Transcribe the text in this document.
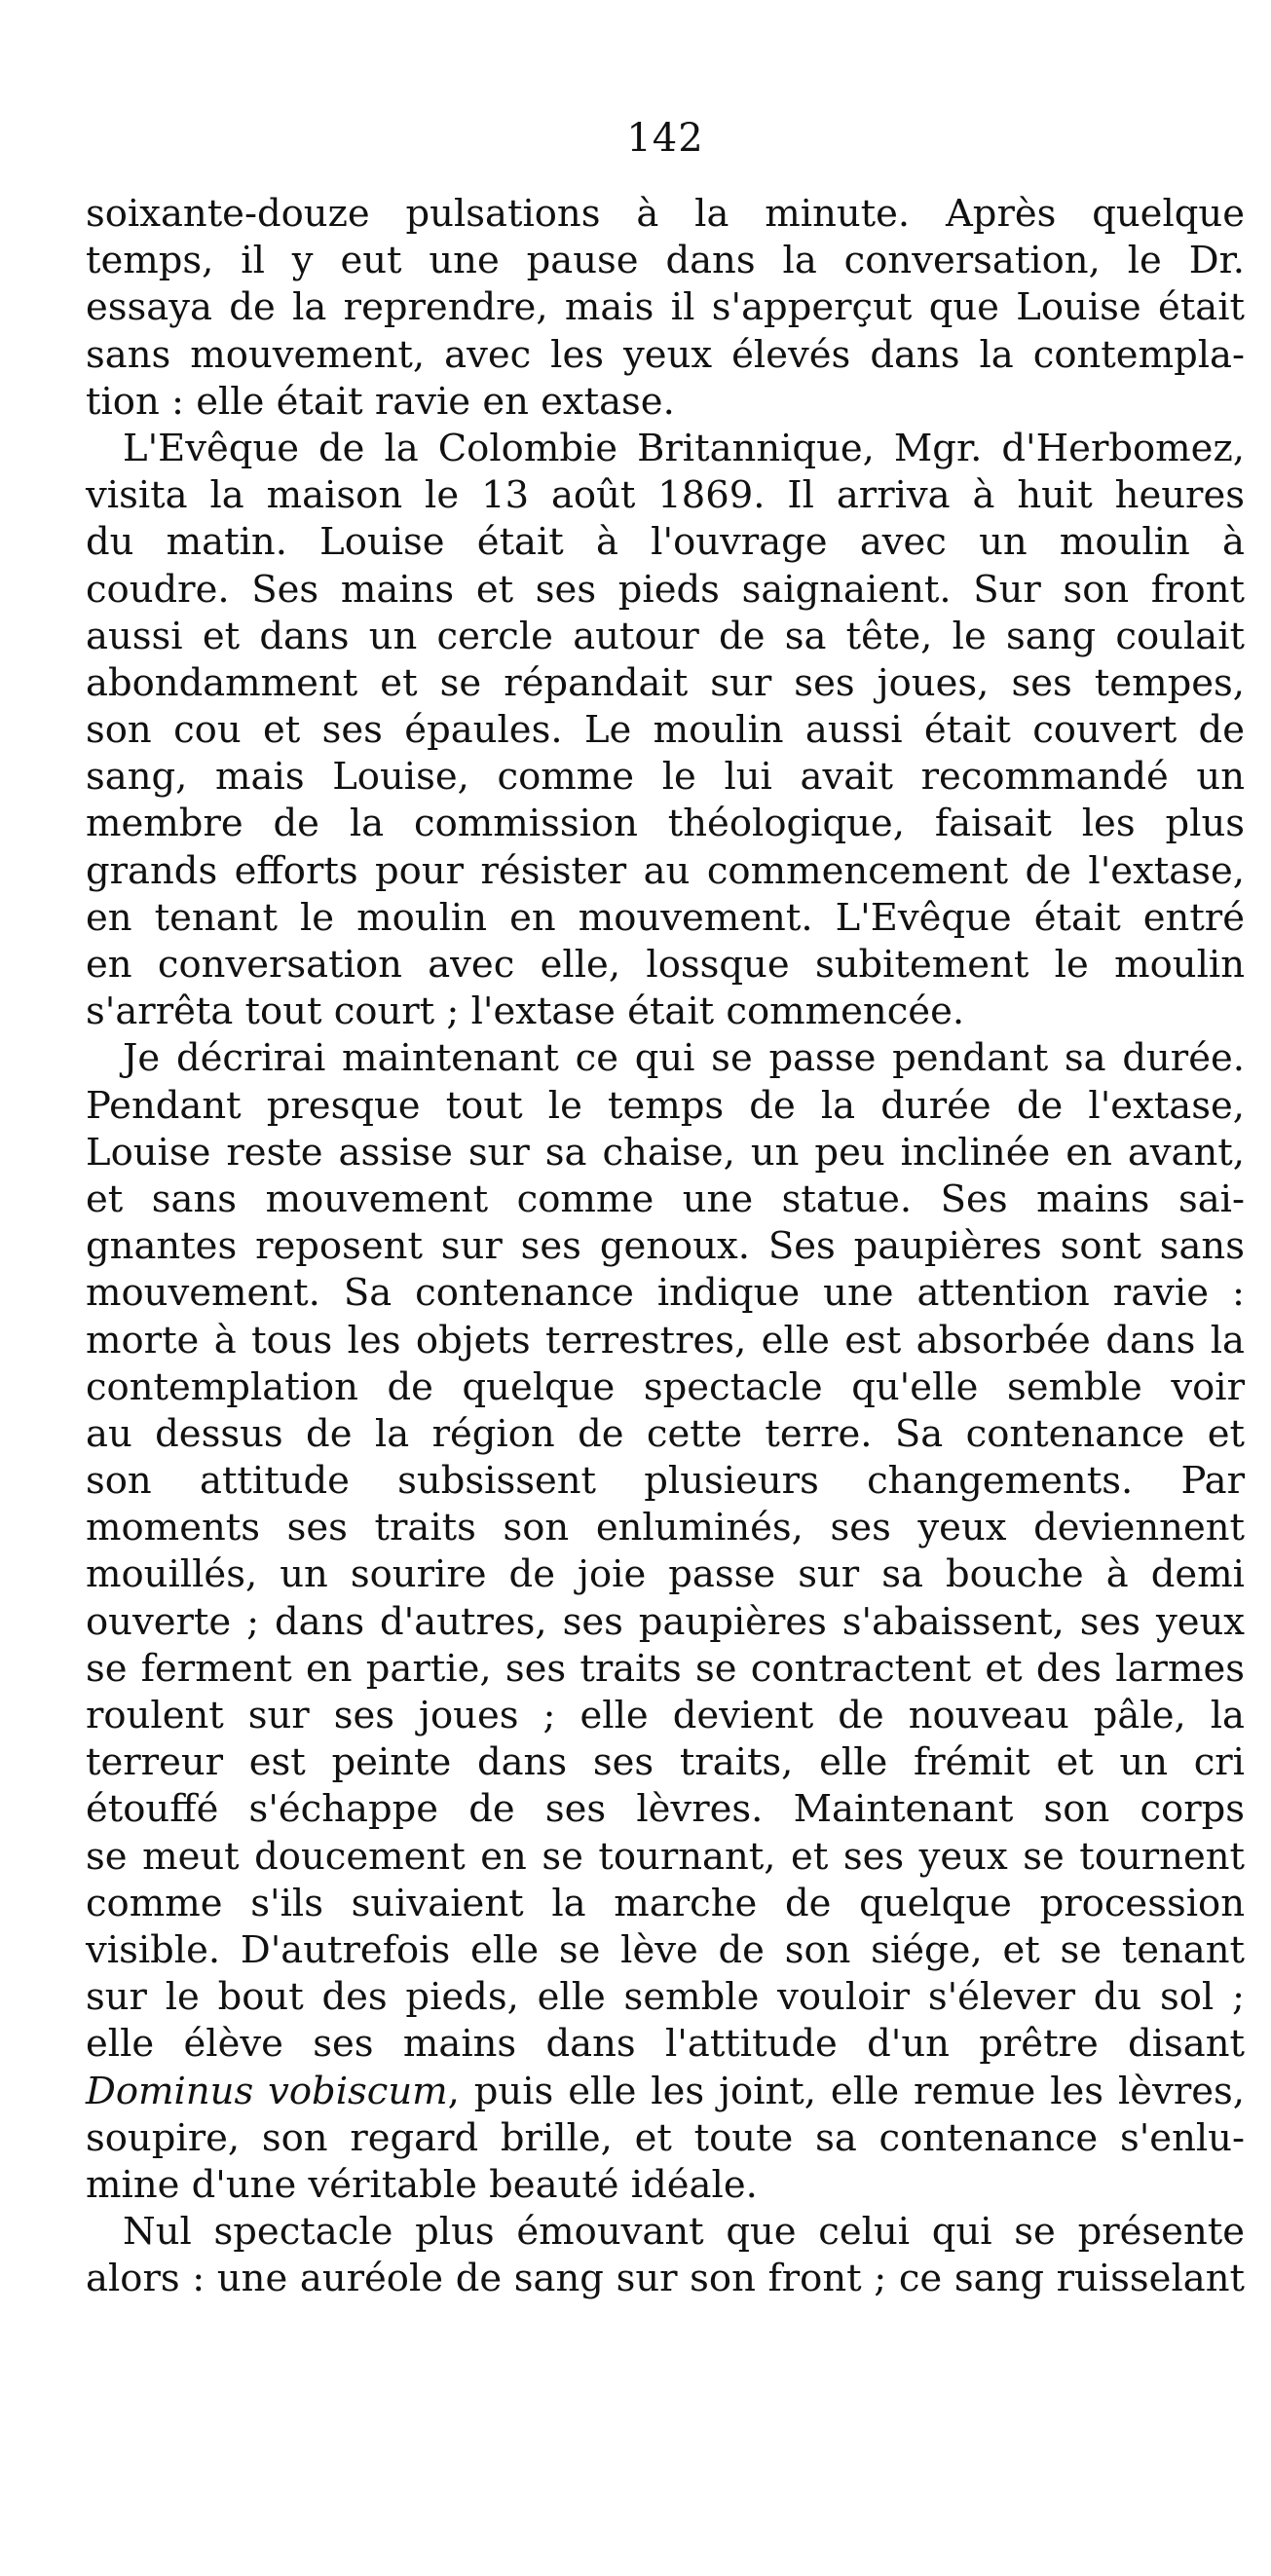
142
soixante-douze pulsations à la minute. Après quelque
temps, il y eut une pause dans la conversation, le Dr.
essaya de la reprendre, mais il s'apperçut que Louise était
sans mouvement, avec les yeux élevés dans la contempla-
tion : elle était ravie en extase.
L'Evêque de la Colombie Britannique, Mgr. d'Herbomez,
visita la maison le 13 août 1869. Il arriva à huit heures
du matin. Louise était à l'ouvrage avec un moulin à
coudre. Ses mains et ses pieds saignaient. Sur son front
aussi et dans un cercle autour de sa tête, le sang coulait
abondamment et se répandait sur ses joues, ses tempes,
son cou et ses épaules. Le moulin aussi était couvert de
sang, mais Louise, comme le lui avait recommandé un
membre de la commission théologique, faisait les plus
grands efforts pour résister au commencement de l'extase,
en tenant le moulin en mouvement. L'Evêque était entré
en conversation avec elle, lossque subitement le moulin
s'arrêta tout court ; l'extase était commencée.
Je décrirai maintenant ce qui se passe pendant sa durée.
Pendant presque tout le temps de la durée de l'extase,
Louise reste assise sur sa chaise, un peu inclinée en avant,
et sans mouvement comme une statue. Ses mains sai-
gnantes reposent sur ses genoux. Ses paupières sont sans
mouvement. Sa contenance indique une attention ravie :
morte à tous les objets terrestres, elle est absorbée dans la
contemplation de quelque spectacle qu'elle semble voir
au dessus de la région de cette terre. Sa contenance et
son attitude subsissent plusieurs changements. Par
moments ses traits son enluminés, ses yeux deviennent
mouillés, un sourire de joie passe sur sa bouche à demi
ouverte ; dans d'autres, ses paupières s'abaissent, ses yeux
se ferment en partie, ses traits se contractent et des larmes
roulent sur ses joues ; elle devient de nouveau pâle, la
terreur est peinte dans ses traits, elle frémit et un cri
étouffé s'échappe de ses lèvres. Maintenant son corps
se meut doucement en se tournant, et ses yeux se tournent
comme s'ils suivaient la marche de quelque procession
visible. D'autrefois elle se lève de son siége, et se tenant
sur le bout des pieds, elle semble vouloir s'élever du sol ;
elle élève ses mains dans l'attitude d'un prêtre disant
Dominus vobiscum, puis elle les joint, elle remue les lèvres,
soupire, son regard brille, et toute sa contenance s'enlu-
mine d'une véritable beauté idéale.
Nul spectacle plus émouvant que celui qui se présente
alors : une auréole de sang sur son front ; ce sang ruisselant
